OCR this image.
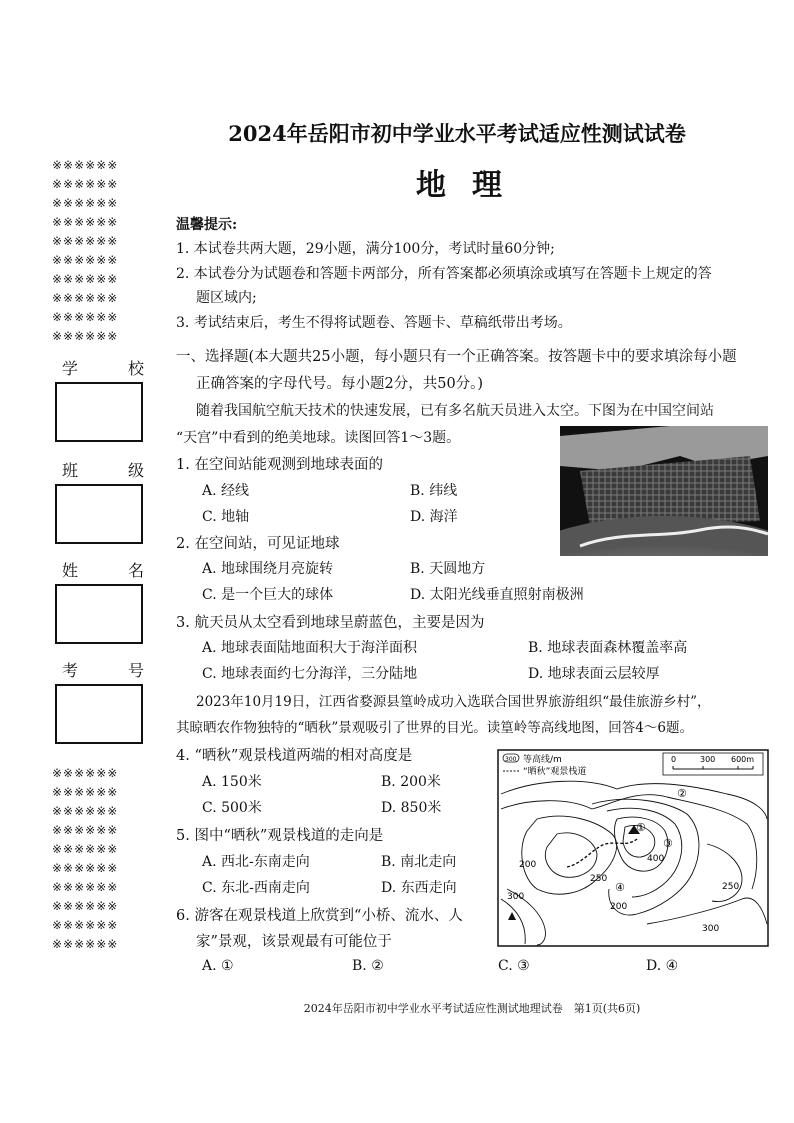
※※※※※※
※※※※※※
※※※※※※
※※※※※※
※※※※※※
※※※※※※
※※※※※※
※※※※※※
※※※※※※
※※※※※※
学	校
班	级
姓	名
考	号
※※※※※※
※※※※※※
※※※※※※
※※※※※※
※※※※※※
※※※※※※
※※※※※※
※※※※※※
※※※※※※
※※※※※※
2024年岳阳市初中学业水平考试适应性测试试卷
地理
温馨提示:
1. 本试卷共两大题，29小题，满分100分，考试时量60分钟;
2. 本试卷分为试题卷和答题卡两部分，所有答案都必须填涂或填写在答题卡上规定的答
题区域内;
3. 考试结束后，考生不得将试题卷、答题卡、草稿纸带出考场。
一、选择题(本大题共25小题，每小题只有一个正确答案。按答题卡中的要求填涂每小题
正确答案的字母代号。每小题2分，共50分。)
随着我国航空航天技术的快速发展，已有多名航天员进入太空。下图为在中国空间站
“天宫”中看到的绝美地球。读图回答1～3题。
1. 在空间站能观测到地球表面的
A. 经线	B. 纬线
C. 地轴	D. 海洋
2. 在空间站，可见证地球
A. 地球围绕月亮旋转	B. 天圆地方
C. 是一个巨大的球体	D. 太阳光线垂直照射南极洲
3. 航天员从太空看到地球呈蔚蓝色，主要是因为
A. 地球表面陆地面积大于海洋面积	B. 地球表面森林覆盖率高
C. 地球表面约七分海洋，三分陆地	D. 地球表面云层较厚
2023年10月19日，江西省婺源县篁岭成功入选联合国世界旅游组织“最佳旅游乡村”，
其晾晒农作物独特的“晒秋”景观吸引了世界的目光。读篁岭等高线地图，回答4～6题。
4. “晒秋”观景栈道两端的相对高度是
A. 150米	B. 200米
C. 500米	D. 850米
5. 图中“晒秋”观景栈道的走向是
A. 西北-东南走向	B. 南北走向
C. 东北-西南走向	D. 东西走向
6. 游客在观景栈道上欣赏到“小桥、流水、人
家”景观，该景观最有可能位于
A. ①	B. ②	C. ③	D. ④
300 等高线/m
“晒秋”观景栈道
0	300 600m
200
400
250
200
300
250
300
①
②
③
④
2024年岳阳市初中学业水平考试适应性测试地理试卷　第1页(共6页)
